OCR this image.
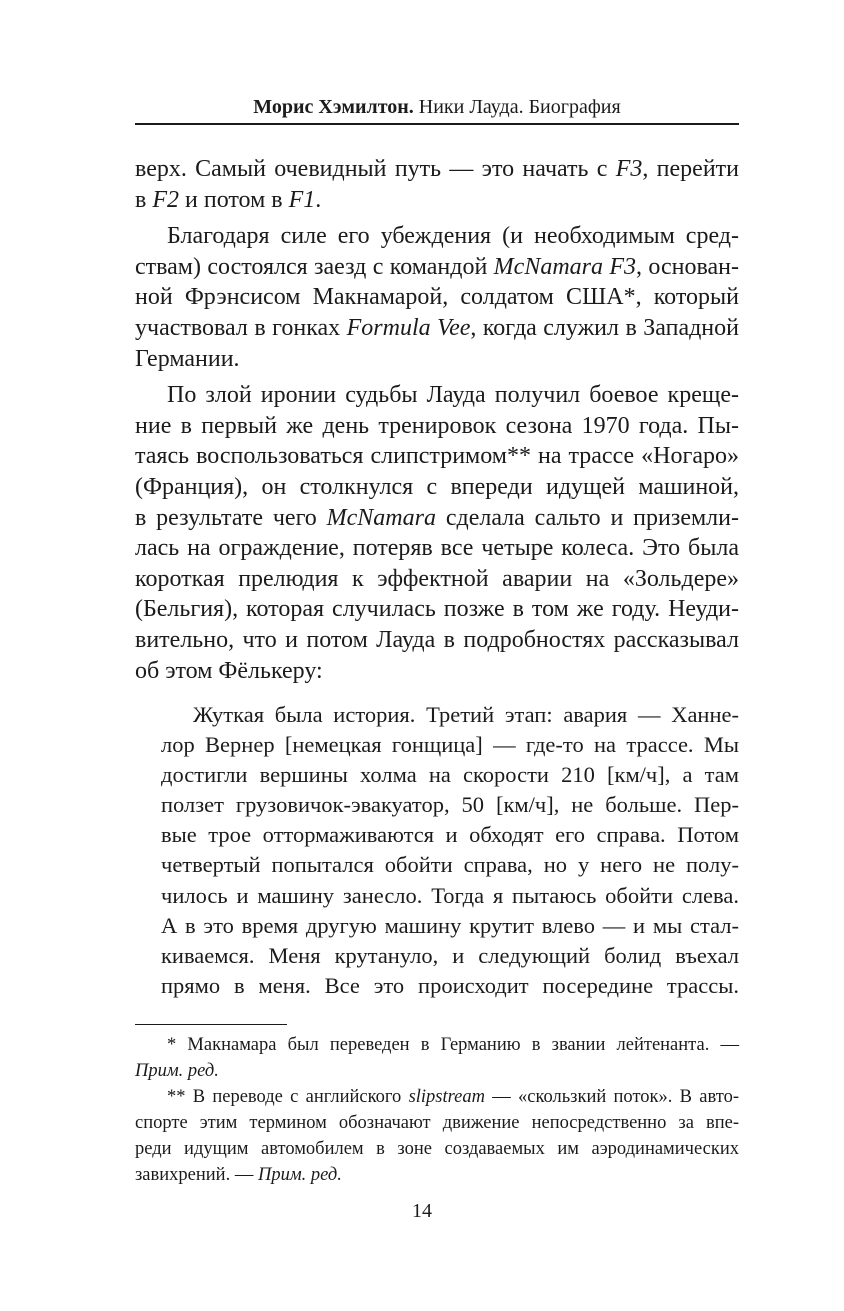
Морис Хэмилтон. Ники Лауда. Биография

верх. Самый очевидный путь — это начать с F3, перейти
в F2 и потом в F1.

Благодаря силе его убеждения (и необходимым сред-
ствам) состоялся заезд с командой McNamara F3, основан-
ной Фрэнсисом Макнамарой, солдатом США*, который
участвовал в гонках Formula Vee, когда служил в Западной
Германии.

По злой иронии судьбы Лауда получил боевое креще-
ние в первый же день тренировок сезона 1970 года. Пы-
таясь воспользоваться слипстримом** на трассе «Ногаро»
(Франция), он столкнулся с впереди идущей машиной,
в результате чего McNamara сделала сальто и приземли-
лась на ограждение, потеряв все четыре колеса. Это была
короткая прелюдия к эффектной аварии на «Зольдере»
(Бельгия), которая случилась позже в том же году. Неуди-
вительно, что и потом Лауда в подробностях рассказывал
об этом Фёлькеру:

Жуткая была история. Третий этап: авария — Ханне-
лор Вернер [немецкая гонщица] — где-то на трассе. Мы
достигли вершины холма на скорости 210 [км/ч], а там
ползет грузовичок-эвакуатор, 50 [км/ч], не больше. Пер-
вые трое оттормаживаются и обходят его справа. Потом
четвертый попытался обойти справа, но у него не полу-
чилось и машину занесло. Тогда я пытаюсь обойти слева.
А в это время другую машину крутит влево — и мы стал-
киваемся. Меня крутануло, и следующий болид въехал
прямо в меня. Все это происходит посередине трассы.
* Макнамара был переведен в Германию в звании лейтенанта. —
Прим. ред.
** В переводе с английского slipstream — «скользкий поток». В авто-
спорте этим термином обозначают движение непосредственно за впе-
реди идущим автомобилем в зоне создаваемых им аэродинамических
завихрений. — Прим. ред.
14
